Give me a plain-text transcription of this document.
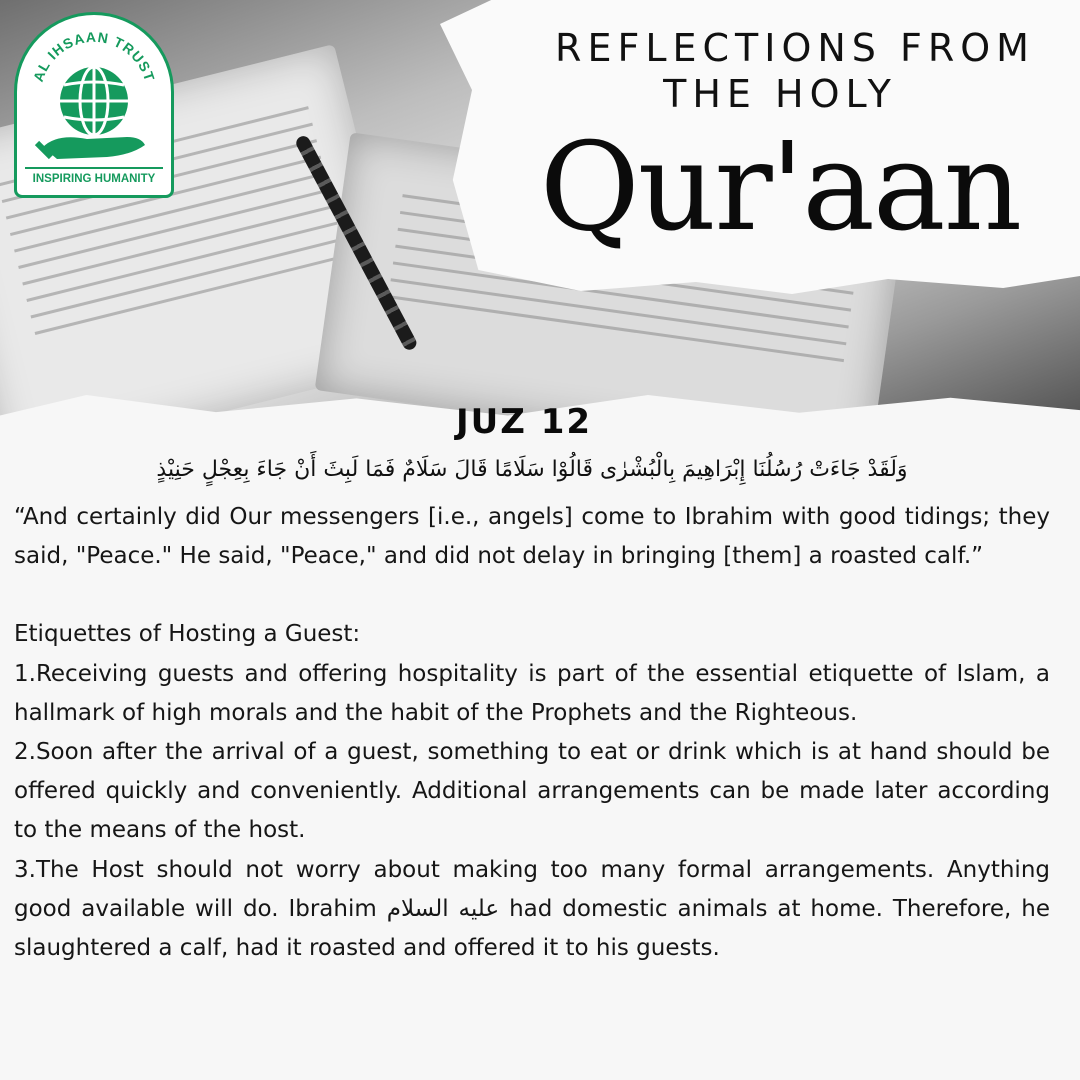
AL IHSAAN TRUST
INSPIRING HUMANITY
REFLECTIONS FROM
THE HOLY
Qur'aan
JUZ 12
وَلَقَدْ جَاءَتْ رُسُلُنَا إِبْرَاهِيمَ بِالْبُشْرٰى قَالُوْا سَلَامًا قَالَ سَلَامٌ فَمَا لَبِثَ أَنْ جَاءَ بِعِجْلٍ حَنِيْذٍ

“And certainly did Our messengers [i.e., angels] come to Ibrahim with good tidings; they said, "Peace." He said, "Peace," and did not delay in bringing [them] a roasted calf.”

Etiquettes of Hosting a Guest:

1.Receiving guests and offering hospitality is part of the essential etiquette of Islam, a hallmark of high morals and the habit of the Prophets and the Righteous.

2.Soon after the arrival of a guest, something to eat or drink which is at hand should be offered quickly and conveniently. Additional arrangements can be made later according to the means of the host.

3.The Host should not worry about making too many formal arrangements. Anything good available will do. Ibrahim عليه السلام had domestic animals at home. Therefore, he slaughtered a calf, had it roasted and offered it to his guests.
